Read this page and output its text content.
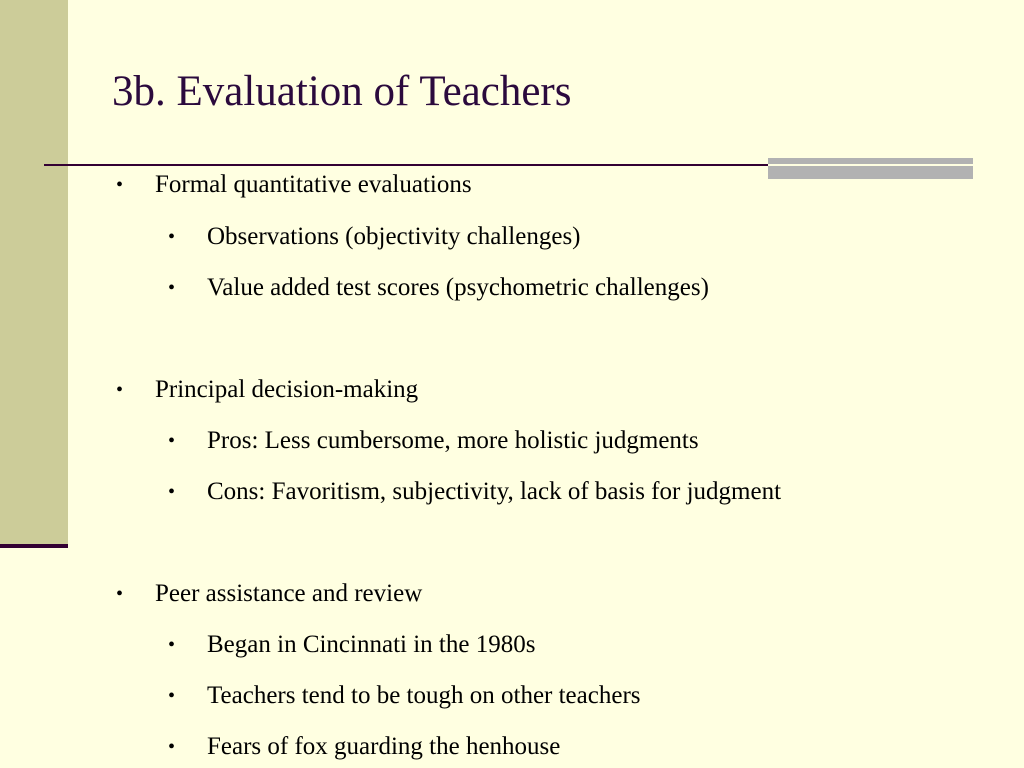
3b. Evaluation of Teachers
• Formal quantitative evaluations
• Observations (objectivity challenges)
• Value added test scores (psychometric challenges)
• Principal decision-making
• Pros: Less cumbersome, more holistic judgments
• Cons: Favoritism, subjectivity, lack of basis for judgment
• Peer assistance and review
• Began in Cincinnati in the 1980s
• Teachers tend to be tough on other teachers
• Fears of fox guarding the henhouse
